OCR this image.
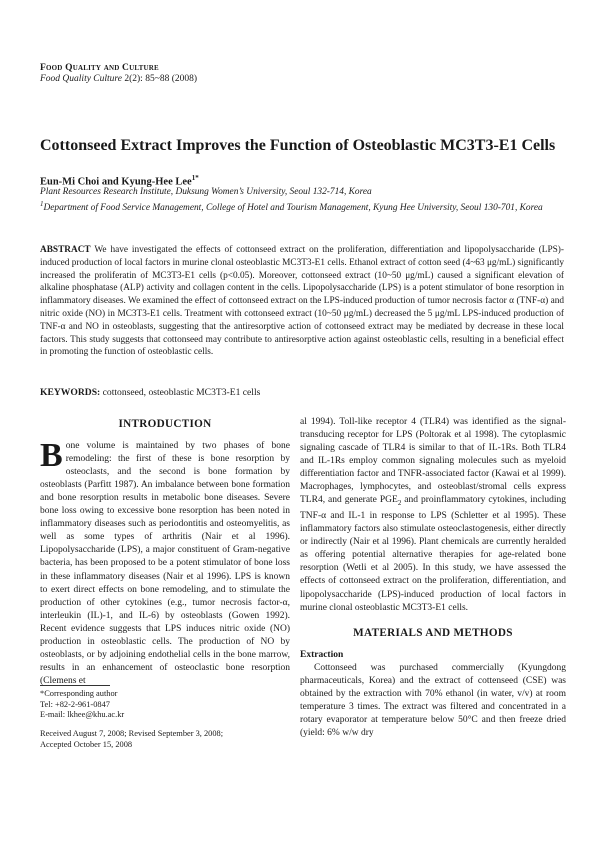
Food Quality and Culture
Food Quality Culture 2(2): 85~88 (2008)
Cottonseed Extract Improves the Function of Osteoblastic MC3T3-E1 Cells
Eun-Mi Choi and Kyung-Hee Lee$^{1*}$
Plant Resources Research Institute, Duksung Women’s University, Seoul 132-714, Korea
$^1$Department of Food Service Management, College of Hotel and Tourism Management, Kyung Hee University, Seoul 130-701, Korea
ABSTRACT We have investigated the effects of cottonseed extract on the proliferation, differentiation and lipopolysaccharide (LPS)-induced production of local factors in murine clonal osteoblastic MC3T3-E1 cells. Ethanol extract of cotton seed (4~63 μg/mL) significantly increased the proliferatin of MC3T3-E1 cells (p<0.05). Moreover, cottonseed extract (10~50 μg/mL) caused a significant elevation of alkaline phosphatase (ALP) activity and collagen content in the cells. Lipopolysaccharide (LPS) is a potent stimulator of bone resorption in inflammatory diseases. We examined the effect of cottonseed extract on the LPS-induced production of tumor necrosis factor α (TNF-α) and nitric oxide (NO) in MC3T3-E1 cells. Treatment with cottonseed extract (10~50 μg/mL) decreased the 5 μg/mL LPS-induced production of TNF-α and NO in osteoblasts, suggesting that the antiresorptive action of cottonseed extract may be mediated by decrease in these local factors. This study suggests that cottonseed may contribute to antiresorptive action against osteoblastic cells, resulting in a beneficial effect in promoting the function of osteoblastic cells.
KEYWORDS: cottonseed, osteoblastic MC3T3-E1 cells
INTRODUCTION

Bone volume is maintained by two phases of bone remodeling: the first of these is bone resorption by osteoclasts, and the second is bone formation by osteoblasts (Parfitt 1987). An imbalance between bone formation and bone resorption results in metabolic bone diseases. Severe bone loss owing to excessive bone resorption has been noted in inflammatory diseases such as periodontitis and osteomyelitis, as well as some types of arthritis (Nair et al 1996). Lipopolysaccharide (LPS), a major constituent of Gram-negative bacteria, has been proposed to be a potent stimulator of bone loss in these inflammatory diseases (Nair et al 1996). LPS is known to exert direct effects on bone remodeling, and to stimulate the production of other cytokines (e.g., tumor necrosis factor-α, interleukin (IL)-1, and IL-6) by osteoblasts (Gowen 1992). Recent evidence suggests that LPS induces nitric oxide (NO) production in osteoblastic cells. The production of NO by osteoblasts, or by adjoining endothelial cells in the bone marrow, results in an enhancement of osteoclastic bone resorption (Clemens et

*Corresponding author
Tel: +82-2-961-0847
E-mail: lkhee@khu.ac.kr
Received August 7, 2008; Revised September 3, 2008;
Accepted October 15, 2008

al 1994). Toll-like receptor 4 (TLR4) was identified as the signal-transducing receptor for LPS (Poltorak et al 1998). The cytoplasmic signaling cascade of TLR4 is similar to that of IL-1Rs. Both TLR4 and IL-1Rs employ common signaling molecules such as myeloid differentiation factor and TNFR-associated factor (Kawai et al 1999). Macrophages, lymphocytes, and osteoblast/stromal cells express TLR4, and generate $PGE_2$ and proinflammatory cytokines, including TNF-α and IL-1 in response to LPS (Schletter et al 1995). These inflammatory factors also stimulate osteoclastogenesis, either directly or indirectly (Nair et al 1996). Plant chemicals are currently heralded as offering potential alternative therapies for age-related bone resorption (Wetli et al 2005). In this study, we have assessed the effects of cottonseed extract on the proliferation, differentiation, and lipopolysaccharide (LPS)-induced production of local factors in murine clonal osteoblastic MC3T3-E1 cells.

MATERIALS AND METHODS
Extraction

Cottonseed was purchased commercially (Kyungdong pharmaceuticals, Korea) and the extract of cottenseed (CSE) was obtained by the extraction with 70% ethanol (in water, v/v) at room temperature 3 times. The extract was filtered and concentrated in a rotary evaporator at temperature below 50°C and then freeze dried (yield: 6% w/w dry
